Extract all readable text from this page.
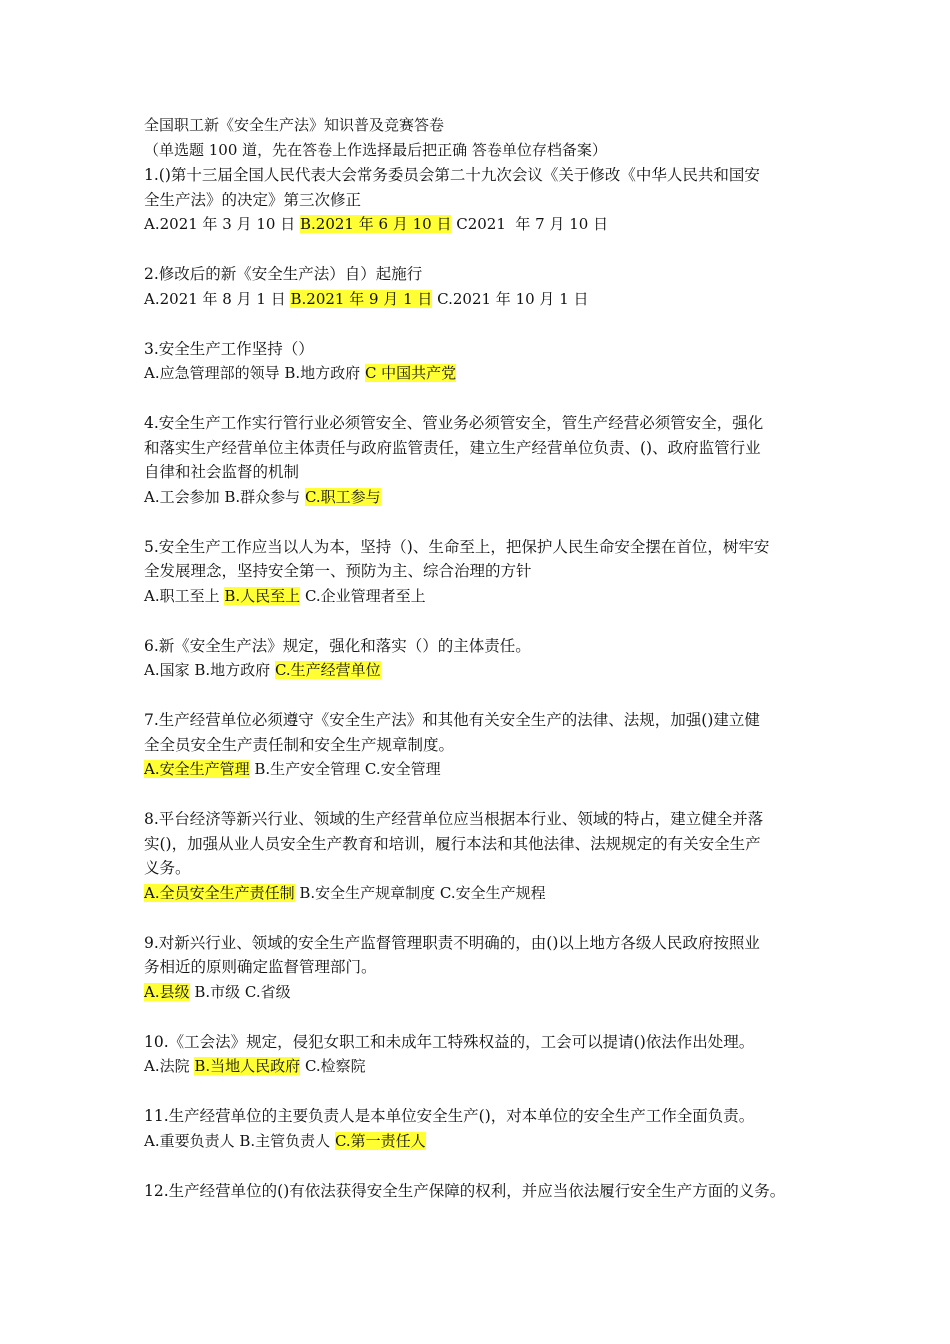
全国职工新《安全生产法》知识普及竞赛答卷
（单选题 100 道，先在答卷上作选择最后把正确 答卷单位存档备案）
1.()第十三届全国人民代表大会常务委员会第二十九次会议《关于修改《中华人民共和国安
全生产法》的决定》第三次修正
A.2021 年 3 月 10 日 B.2021 年 6 月 10 日 C2021  年 7 月 10 日
2.修改后的新《安全生产法）自）起施行
A.2021 年 8 月 1 日 B.2021 年 9 月 1 日 C.2021 年 10 月 1 日
3.安全生产工作坚持（）
A.应急管理部的领导 B.地方政府 C 中国共产党
4.安全生产工作实行管行业必须管安全、管业务必须管安全，管生产经营必须管安全，强化
和落实生产经营单位主体责任与政府监管责任，建立生产经营单位负责、()、政府监管行业
自律和社会监督的机制
A.工会参加 B.群众参与 C.职工参与
5.安全生产工作应当以人为本，坚持（)、生命至上，把保护人民生命安全摆在首位，树牢安
全发展理念，坚持安全第一、预防为主、综合治理的方针
A.职工至上 B.人民至上 C.企业管理者至上
6.新《安全生产法》规定，强化和落实（）的主体责任。
A.国家 B.地方政府 C.生产经营单位
7.生产经营单位必须遵守《安全生产法》和其他有关安全生产的法律、法规，加强()建立健
全全员安全生产责任制和安全生产规章制度。
A.安全生产管理 B.生产安全管理 C.安全管理
8.平台经济等新兴行业、领域的生产经营单位应当根据本行业、领域的特占，建立健全并落
实()，加强从业人员安全生产教育和培训，履行本法和其他法律、法规规定的有关安全生产
义务。
A.全员安全生产责任制 B.安全生产规章制度 C.安全生产规程
9.对新兴行业、领域的安全生产监督管理职责不明确的，由()以上地方各级人民政府按照业
务相近的原则确定监督管理部门。
A.县级 B.市级 C.省级
10.《工会法》规定，侵犯女职工和未成年工特殊权益的，工会可以提请()依法作出处理。
A.法院 B.当地人民政府 C.检察院
11.生产经营单位的主要负责人是本单位安全生产()，对本单位的安全生产工作全面负责。
A.重要负责人 B.主管负责人 C.第一责任人
12.生产经营单位的()有依法获得安全生产保障的权利，并应当依法履行安全生产方面的义务。
